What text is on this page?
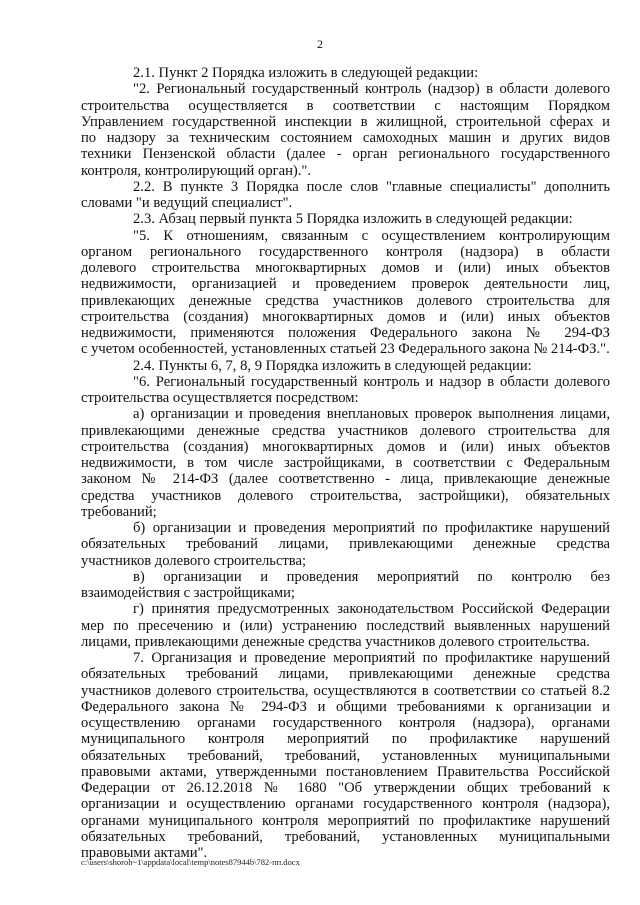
2

2.1. Пункт 2 Порядка изложить в следующей редакции:

"2. Региональный государственный контроль (надзор) в области долевого

строительства осуществляется в соответствии с настоящим Порядком

Управлением государственной инспекции в жилищной, строительной сферах и

по надзору за техническим состоянием самоходных машин и других видов

техники Пензенской области (далее - орган регионального государственного

контроля, контролирующий орган).".

2.2. В пункте 3 Порядка после слов "главные специалисты" дополнить

словами "и ведущий специалист".

2.3. Абзац первый пункта 5 Порядка изложить в следующей редакции:

"5. К отношениям, связанным с осуществлением контролирующим

органом регионального государственного контроля (надзора) в области

долевого строительства многоквартирных домов и (или) иных объектов

недвижимости, организацией и проведением проверок деятельности лиц,

привлекающих денежные средства участников долевого строительства для

строительства (создания) многоквартирных домов и (или) иных объектов

недвижимости, применяются положения Федерального закона № 294-ФЗ

с учетом особенностей, установленных статьей 23 Федерального закона № 214-ФЗ.".

2.4. Пункты 6, 7, 8, 9 Порядка изложить в следующей редакции:

"6. Региональный государственный контроль и надзор в области долевого

строительства осуществляется посредством:

а) организации и проведения внеплановых проверок выполнения лицами,

привлекающими денежные средства участников долевого строительства для

строительства (создания) многоквартирных домов и (или) иных объектов

недвижимости, в том числе застройщиками, в соответствии с Федеральным

законом № 214-ФЗ (далее соответственно - лица, привлекающие денежные

средства участников долевого строительства, застройщики), обязательных

требований;

б) организации и проведения мероприятий по профилактике нарушений

обязательных требований лицами, привлекающими денежные средства

участников долевого строительства;

в) организации и проведения мероприятий по контролю без

взаимодействия с застройщиками;

г) принятия предусмотренных законодательством Российской Федерации

мер по пресечению и (или) устранению последствий выявленных нарушений

лицами, привлекающими денежные средства участников долевого строительства.

7. Организация и проведение мероприятий по профилактике нарушений

обязательных требований лицами, привлекающими денежные средства

участников долевого строительства, осуществляются в соответствии со статьей 8.2

Федерального закона № 294-ФЗ и общими требованиями к организации и

осуществлению органами государственного контроля (надзора), органами

муниципального контроля мероприятий по профилактике нарушений

обязательных требований, требований, установленных муниципальными

правовыми актами, утвержденными постановлением Правительства Российской

Федерации от 26.12.2018 № 1680 "Об утверждении общих требований к

организации и осуществлению органами государственного контроля (надзора),

органами муниципального контроля мероприятий по профилактике нарушений

обязательных требований, требований, установленных муниципальными

правовыми актами".

c:\users\shoroh~1\appdata\local\temp\notes87944b\782-пп.docx
